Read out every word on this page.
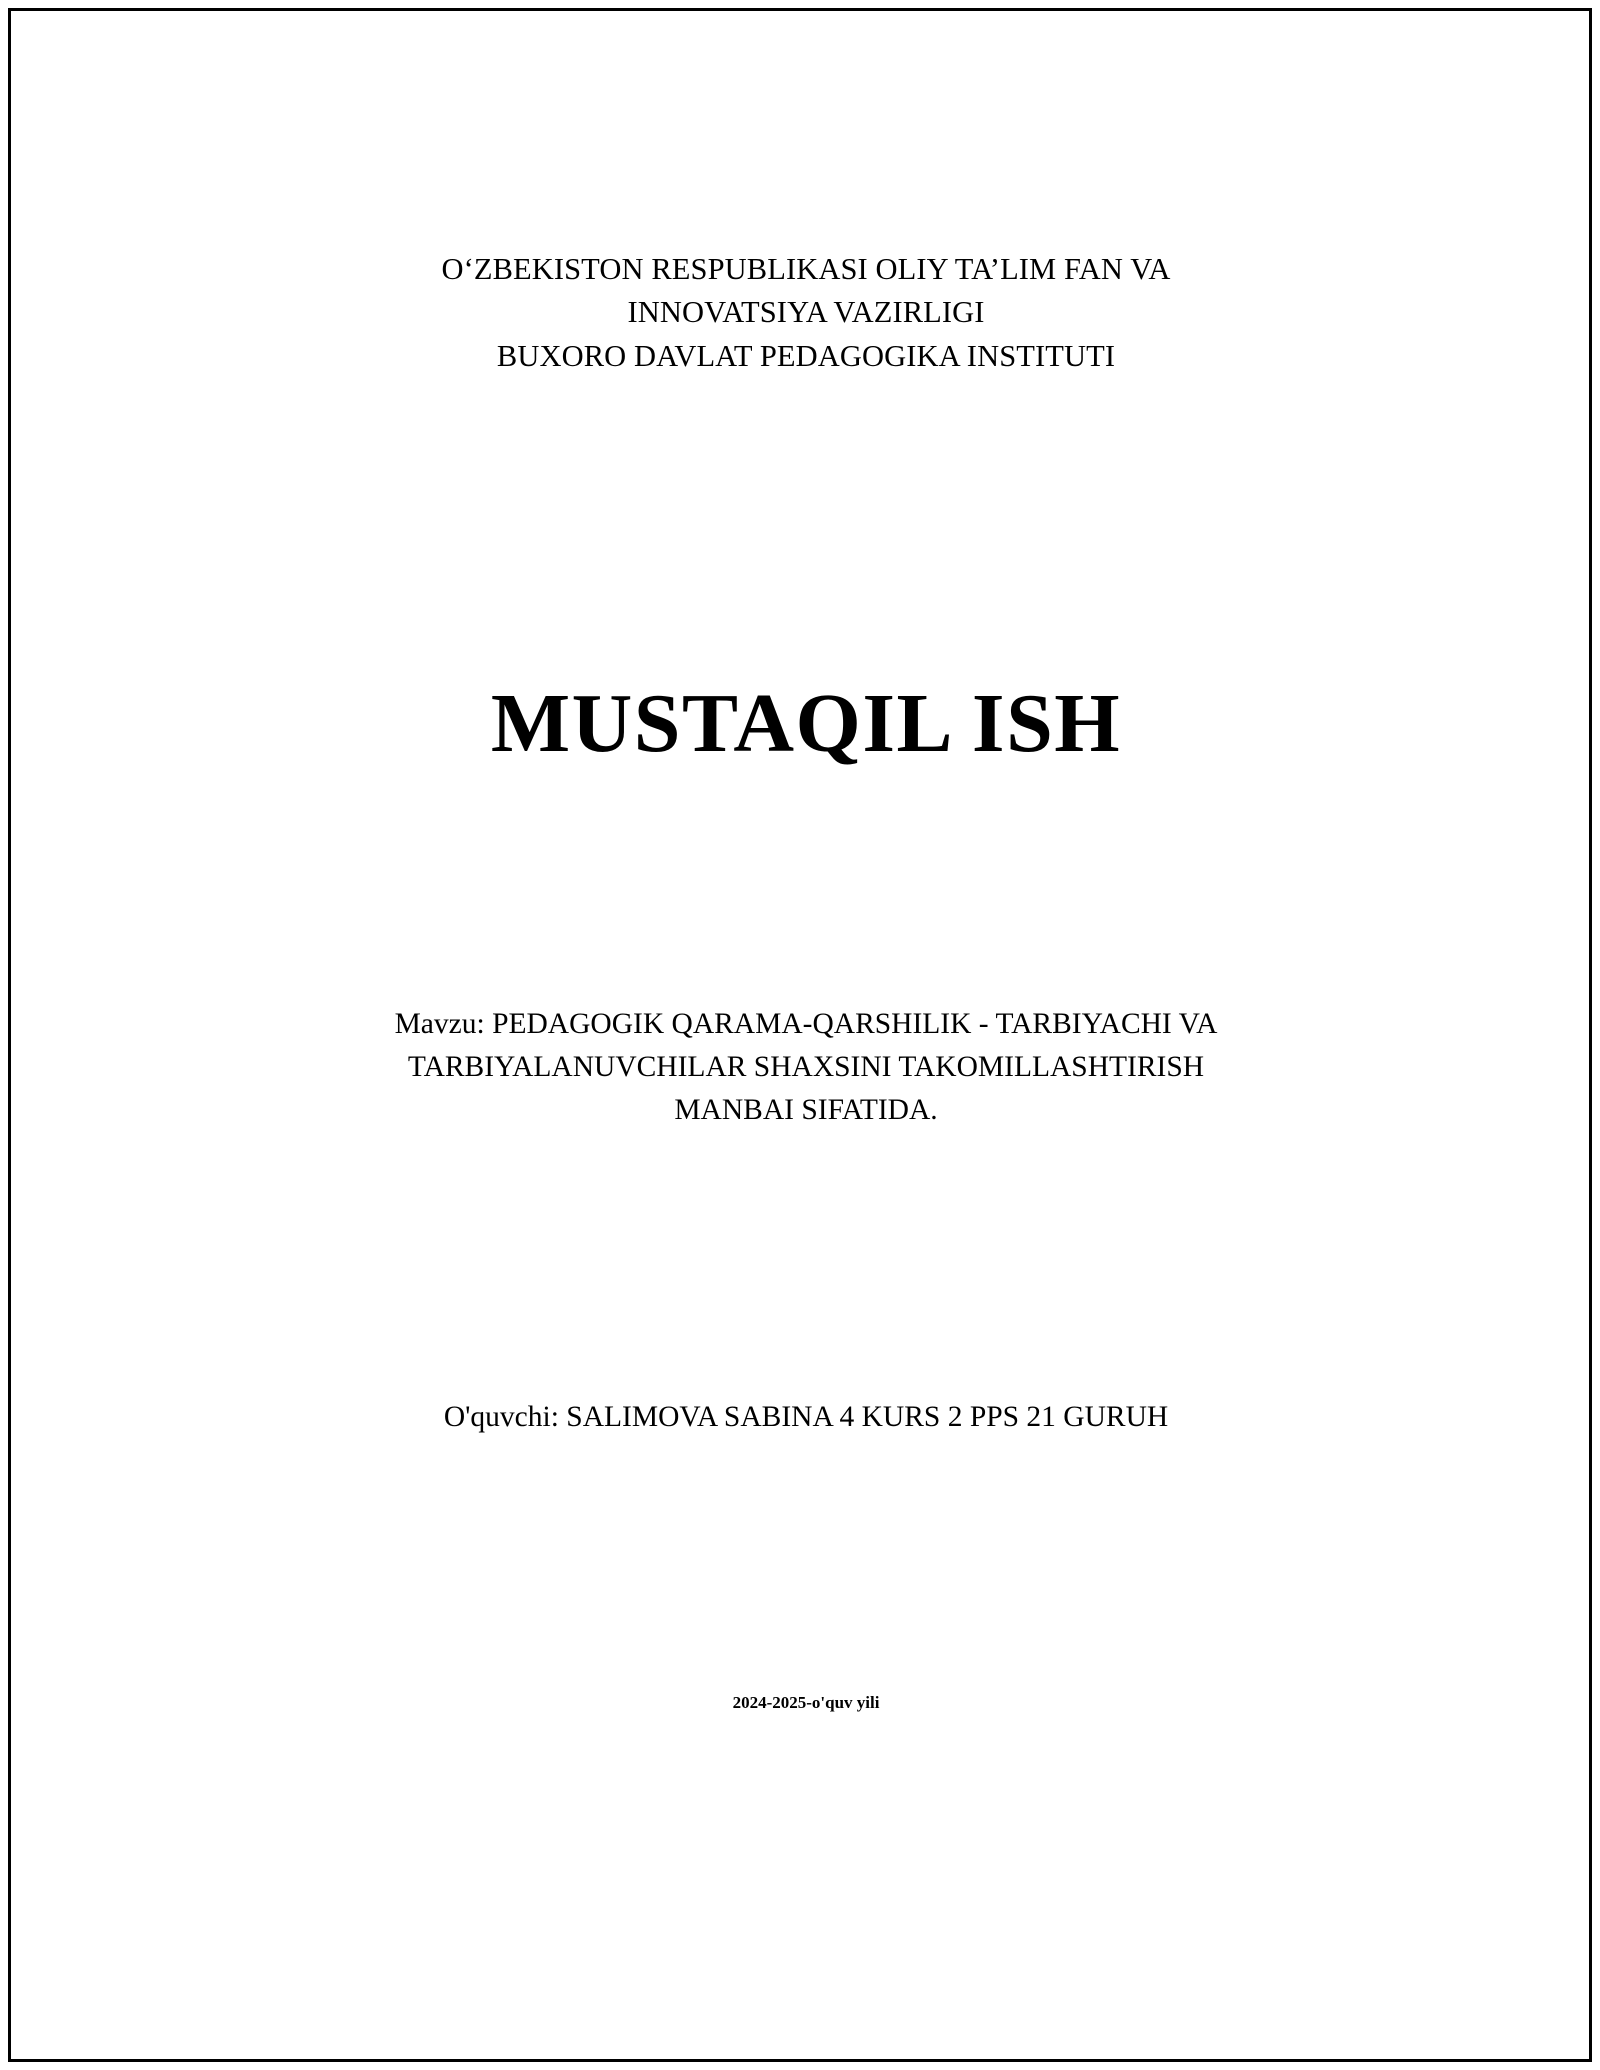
O‘ZBEKISTON RESPUBLIKASI OLIY TA’LIM FAN VA
INNOVATSIYA VAZIRLIGI
BUXORO DAVLAT PEDAGOGIKA INSTITUTI
MUSTAQIL ISH
Mavzu: PEDAGOGIK QARAMA-QARSHILIK - TARBIYACHI VA
TARBIYALANUVCHILAR SHAXSINI TAKOMILLASHTIRISH
MANBAI SIFATIDA.
O'quvchi: SALIMOVA SABINA 4 KURS 2 PPS 21 GURUH
2024-2025-o'quv yili
